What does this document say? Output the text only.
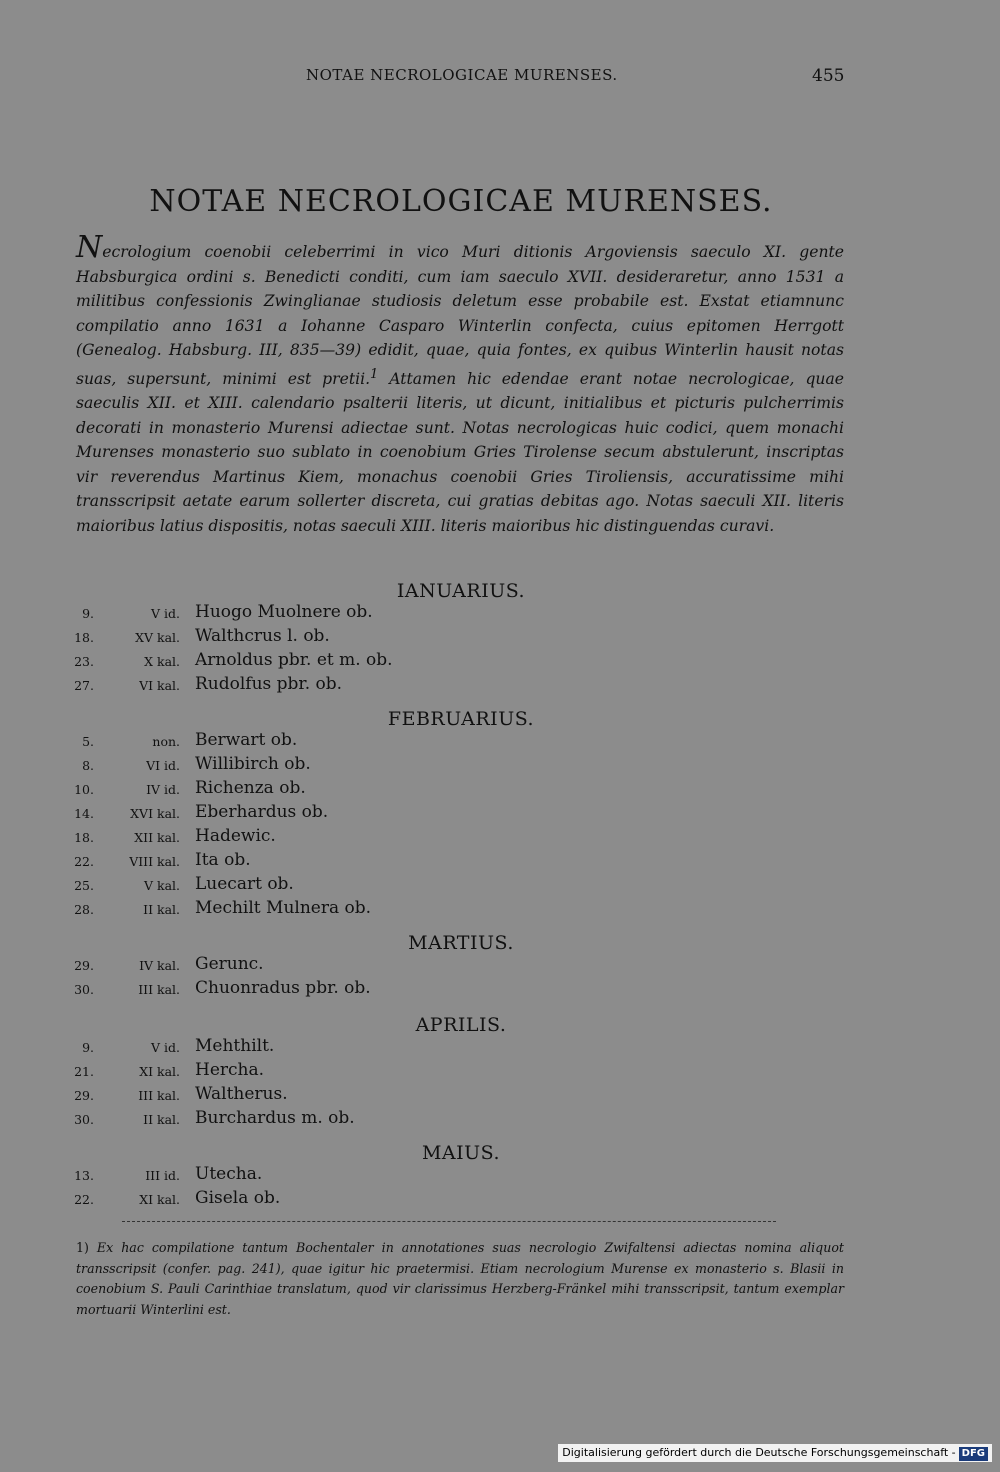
NOTAE NECROLOGICAE MURENSES.	455
NOTAE NECROLOGICAE MURENSES.
Necrologium coenobii celeberrimi in vico Muri ditionis Argoviensis saeculo XI. gente Habsburgica ordini s. Benedicti conditi, cum iam saeculo XVII. desideraretur, anno 1531 a militibus confessionis Zwinglianae studiosis deletum esse probabile est. Exstat etiamnunc compilatio anno 1631 a Iohanne Casparo Winterlin confecta, cuius epitomen Herrgott (Genealog. Habsburg. III, 835—39) edidit, quae, quia fontes, ex quibus Winterlin hausit notas suas, supersunt, minimi est pretii.$^1$ Attamen hic edendae erant notae necrologicae, quae saeculis XII. et XIII. calendario psalterii literis, ut dicunt, initialibus et picturis pulcherrimis decorati in monasterio Murensi adiectae sunt. Notas necrologicas huic codici, quem monachi Murenses monasterio suo sublato in coenobium Gries Tirolense secum abstulerunt, inscriptas vir reverendus Martinus Kiem, monachus coenobii Gries Tiroliensis, accuratissime mihi transscripsit aetate earum sollerter discreta, cui gratias debitas ago. Notas saeculi XII. literis maioribus latius dispositis, notas saeculi XIII. literis maioribus hic distinguendas curavi.
IANUARIUS.
9.	V id. Huogo Muolnere ob.
18.	XV kal. Walthcrus l. ob.
23.	X kal. Arnoldus pbr. et m. ob.
27.	VI kal. Rudolfus pbr. ob.
FEBRUARIUS.
5.	non. Berwart ob.
8.	VI id. Willibirch ob.
10.	IV id. Richenza ob.
14.	XVI kal. Eberhardus ob.
18.	XII kal. Hadewic.
22.	VIII kal. Ita ob.
25.	V kal. Luecart ob.
28.	II kal. Mechilt Mulnera ob.
MARTIUS.
29.	IV kal. Gerunc.
30.	III kal. Chuonradus pbr. ob.
APRILIS.
9.	V id. Mehthilt.
21.	XI kal. Hercha.
29.	III kal. Waltherus.
30.	II kal. Burchardus m. ob.
MAIUS.
13.	III id. Utecha.
22.	XI kal. Gisela ob.
1) Ex hac compilatione tantum Bochentaler in annotationes suas necrologio Zwifaltensi adiectas nomina aliquot transscripsit (confer. pag. 241), quae igitur hic praetermisi. Etiam necrologium Murense ex monasterio s. Blasii in coenobium S. Pauli Carinthiae translatum, quod vir clarissimus Herzberg-Fränkel mihi transscripsit, tantum exemplar mortuarii Winterlini est.
Digitalisierung gefördert durch die Deutsche Forschungsgemeinschaft - DFG
